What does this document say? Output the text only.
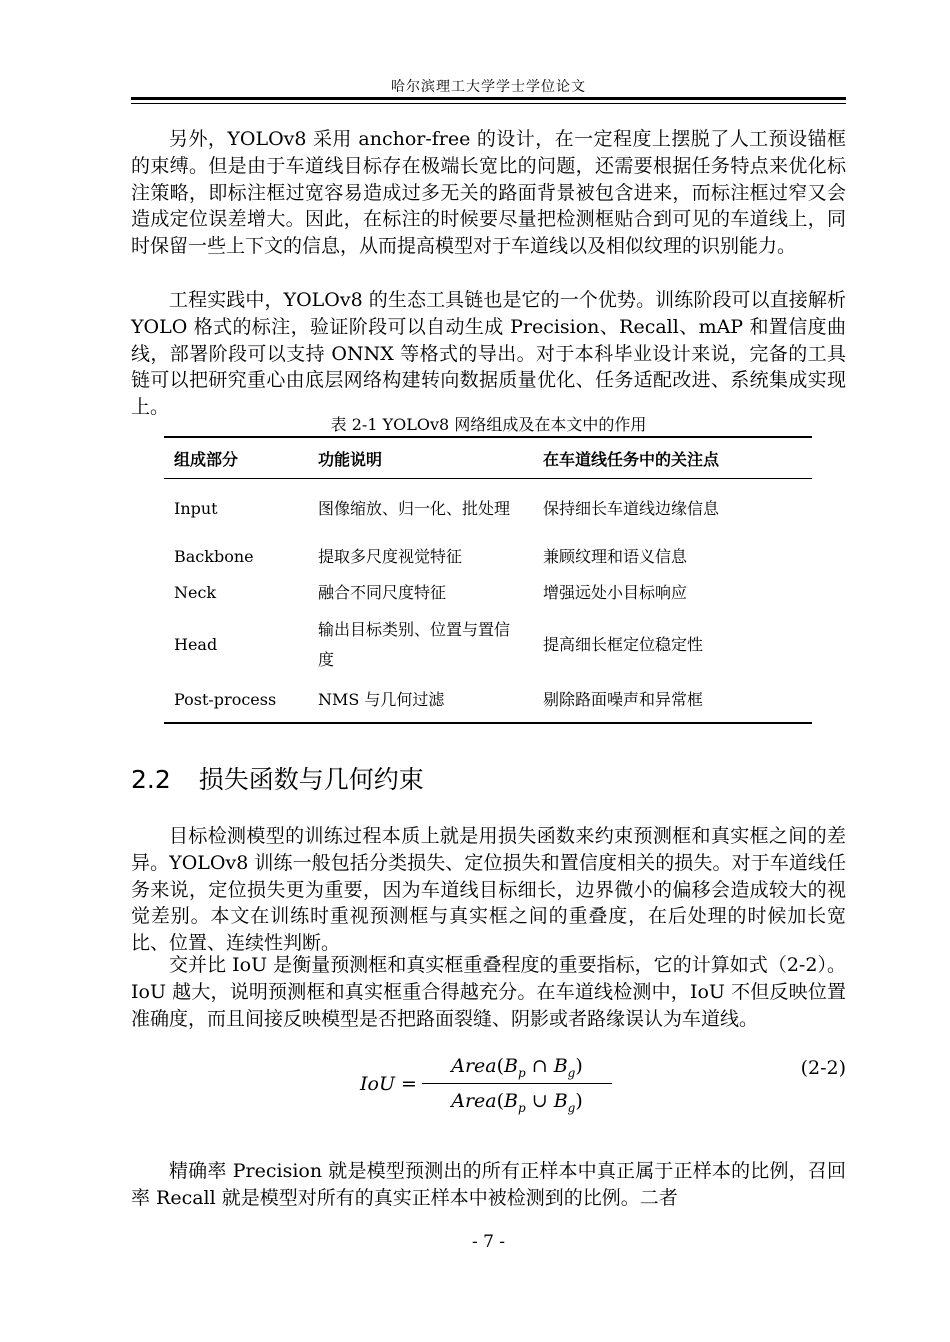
哈尔滨理工大学学士学位论文

另外，YOLOv8 采用 anchor-free 的设计，在一定程度上摆脱了人工预设锚框的束缚。但是由于车道线目标存在极端长宽比的问题，还需要根据任务特点来优化标注策略，即标注框过宽容易造成过多无关的路面背景被包含进来，而标注框过窄又会造成定位误差增大。因此，在标注的时候要尽量把检测框贴合到可见的车道线上，同时保留一些上下文的信息，从而提高模型对于车道线以及相似纹理的识别能力。

工程实践中，YOLOv8 的生态工具链也是它的一个优势。训练阶段可以直接解析 YOLO 格式的标注，验证阶段可以自动生成 Precision、Recall、mAP 和置信度曲线，部署阶段可以支持 ONNX 等格式的导出。对于本科毕业设计来说，完备的工具链可以把研究重心由底层网络构建转向数据质量优化、任务适配改进、系统集成实现上。

表 2-1 YOLOv8 网络组成及在本文中的作用
组成部分	功能说明	在车道线任务中的关注点
Input	图像缩放、归一化、批处理	保持细长车道线边缘信息
Backbone	提取多尺度视觉特征	兼顾纹理和语义信息
Neck	融合不同尺度特征	增强远处小目标响应
Head	输出目标类别、位置与置信度	提高细长框定位稳定性
Post-process	NMS 与几何过滤	剔除路面噪声和异常框
2.2 损失函数与几何约束

目标检测模型的训练过程本质上就是用损失函数来约束预测框和真实框之间的差异。YOLOv8 训练一般包括分类损失、定位损失和置信度相关的损失。对于车道线任务来说，定位损失更为重要，因为车道线目标细长，边界微小的偏移会造成较大的视觉差别。本文在训练时重视预测框与真实框之间的重叠度，在后处理的时候加长宽比、位置、连续性判断。

交并比 IoU 是衡量预测框和真实框重叠程度的重要指标，它的计算如式（2-2）。IoU 越大，说明预测框和真实框重合得越充分。在车道线检测中，IoU 不但反映位置准确度，而且间接反映模型是否把路面裂缝、阴影或者路缘误认为车道线。

IoU =
$Area(B_p$ ∩ $B_g$)
$Area(B_p$ ∪ $B_g$)
(2-2)

精确率 Precision 就是模型预测出的所有正样本中真正属于正样本的比例，召回率 Recall 就是模型对所有的真实正样本中被检测到的比例。二者

- 7 -
